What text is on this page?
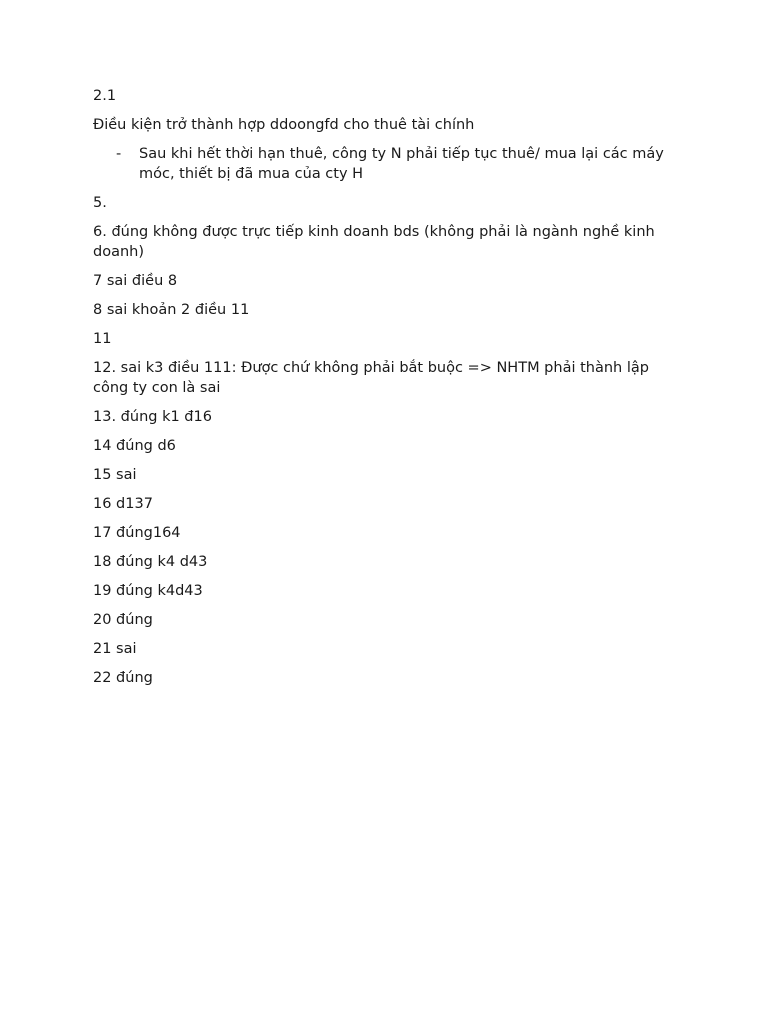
2.1

Điều kiện trở thành hợp ddoongfd cho thuê tài chính

- Sau khi hết thời hạn thuê, công ty N phải tiếp tục thuê/ mua lại các máy móc, thiết bị đã mua của cty H

5.

6. đúng không được trực tiếp kinh doanh bds (không phải là ngành nghề kinh doanh)

7 sai điều 8

8 sai khoản 2 điều 11

11

12. sai k3 điều 111: Được chứ không phải bắt buộc => NHTM phải thành lập công ty con là sai

13. đúng k1 đ16

14 đúng d6

15 sai

16 d137

17 đúng164

18 đúng k4 d43

19 đúng k4d43

20 đúng

21 sai

22 đúng
